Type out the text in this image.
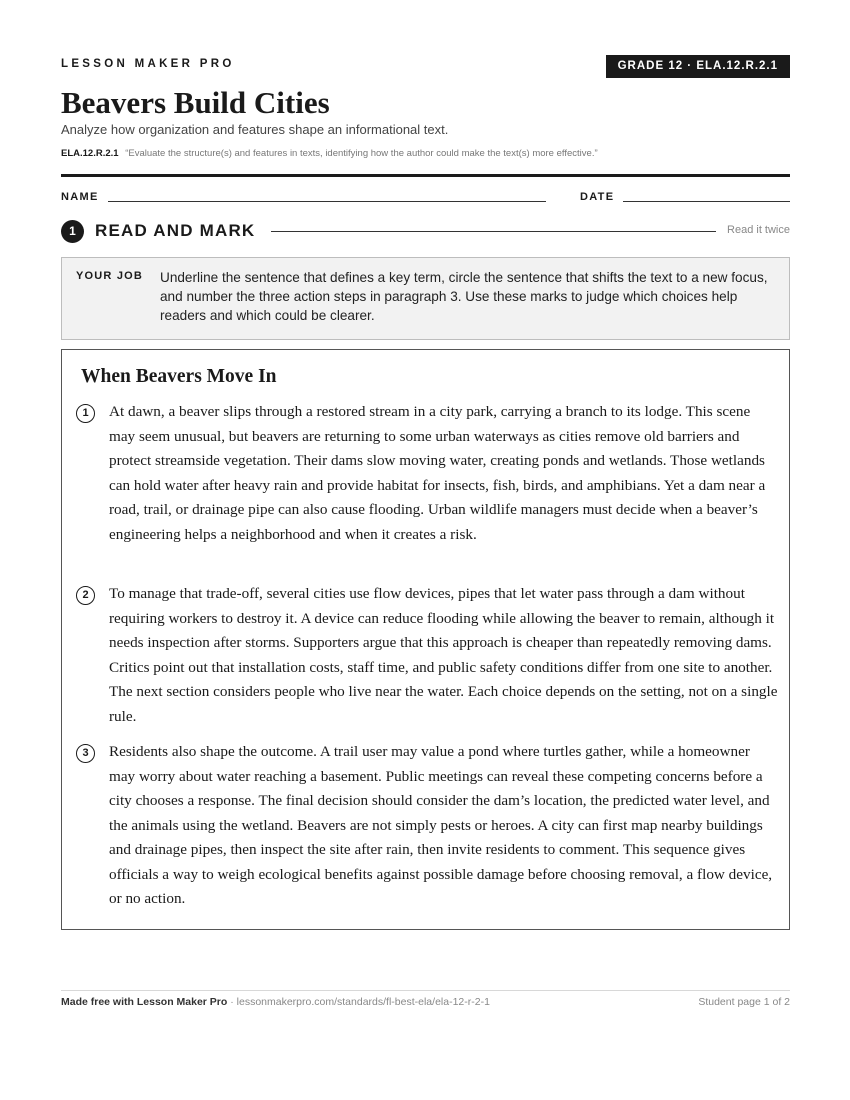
LESSON MAKER PRO	GRADE 12 · ELA.12.R.2.1
Beavers Build Cities
Analyze how organization and features shape an informational text.
ELA.12.R.2.1 “Evaluate the structure(s) and features in texts, identifying how the author could make the text(s) more effective.”
NAME	DATE
1	READ AND MARK	Read it twice
YOUR JOB Underline the sentence that defines a key term, circle the sentence that shifts the text to a new focus, and number the three action steps in paragraph 3. Use these marks to judge which choices help readers and which could be clearer.
When Beavers Move In
1	At dawn, a beaver slips through a restored stream in a city park, carrying a branch to its lodge. This scene may seem unusual, but beavers are returning to some urban waterways as cities remove old barriers and protect streamside vegetation. Their dams slow moving water, creating ponds and wetlands. Those wetlands can hold water after heavy rain and provide habitat for insects, fish, birds, and amphibians. Yet a dam near a road, trail, or drainage pipe can also cause flooding. Urban wildlife managers must decide when a beaver’s engineering helps a neighborhood and when it creates a risk.

2	To manage that trade-off, several cities use flow devices, pipes that let water pass through a dam without requiring workers to destroy it. A device can reduce flooding while allowing the beaver to remain, although it needs inspection after storms. Supporters argue that this approach is cheaper than repeatedly removing dams. Critics point out that installation costs, staff time, and public safety conditions differ from one site to another. The next section considers people who live near the water. Each choice depends on the setting, not on a single rule.

3	Residents also shape the outcome. A trail user may value a pond where turtles gather, while a homeowner may worry about water reaching a basement. Public meetings can reveal these competing concerns before a city chooses a response. The final decision should consider the dam’s location, the predicted water level, and the animals using the wetland. Beavers are not simply pests or heroes. A city can first map nearby buildings and drainage pipes, then inspect the site after rain, then invite residents to comment. This sequence gives officials a way to weigh ecological benefits against possible damage before choosing removal, a flow device, or no action.

Made free with Lesson Maker Pro · lessonmakerpro.com/standards/fl-best-ela/ela-12-r-2-1	Student page 1 of 2
